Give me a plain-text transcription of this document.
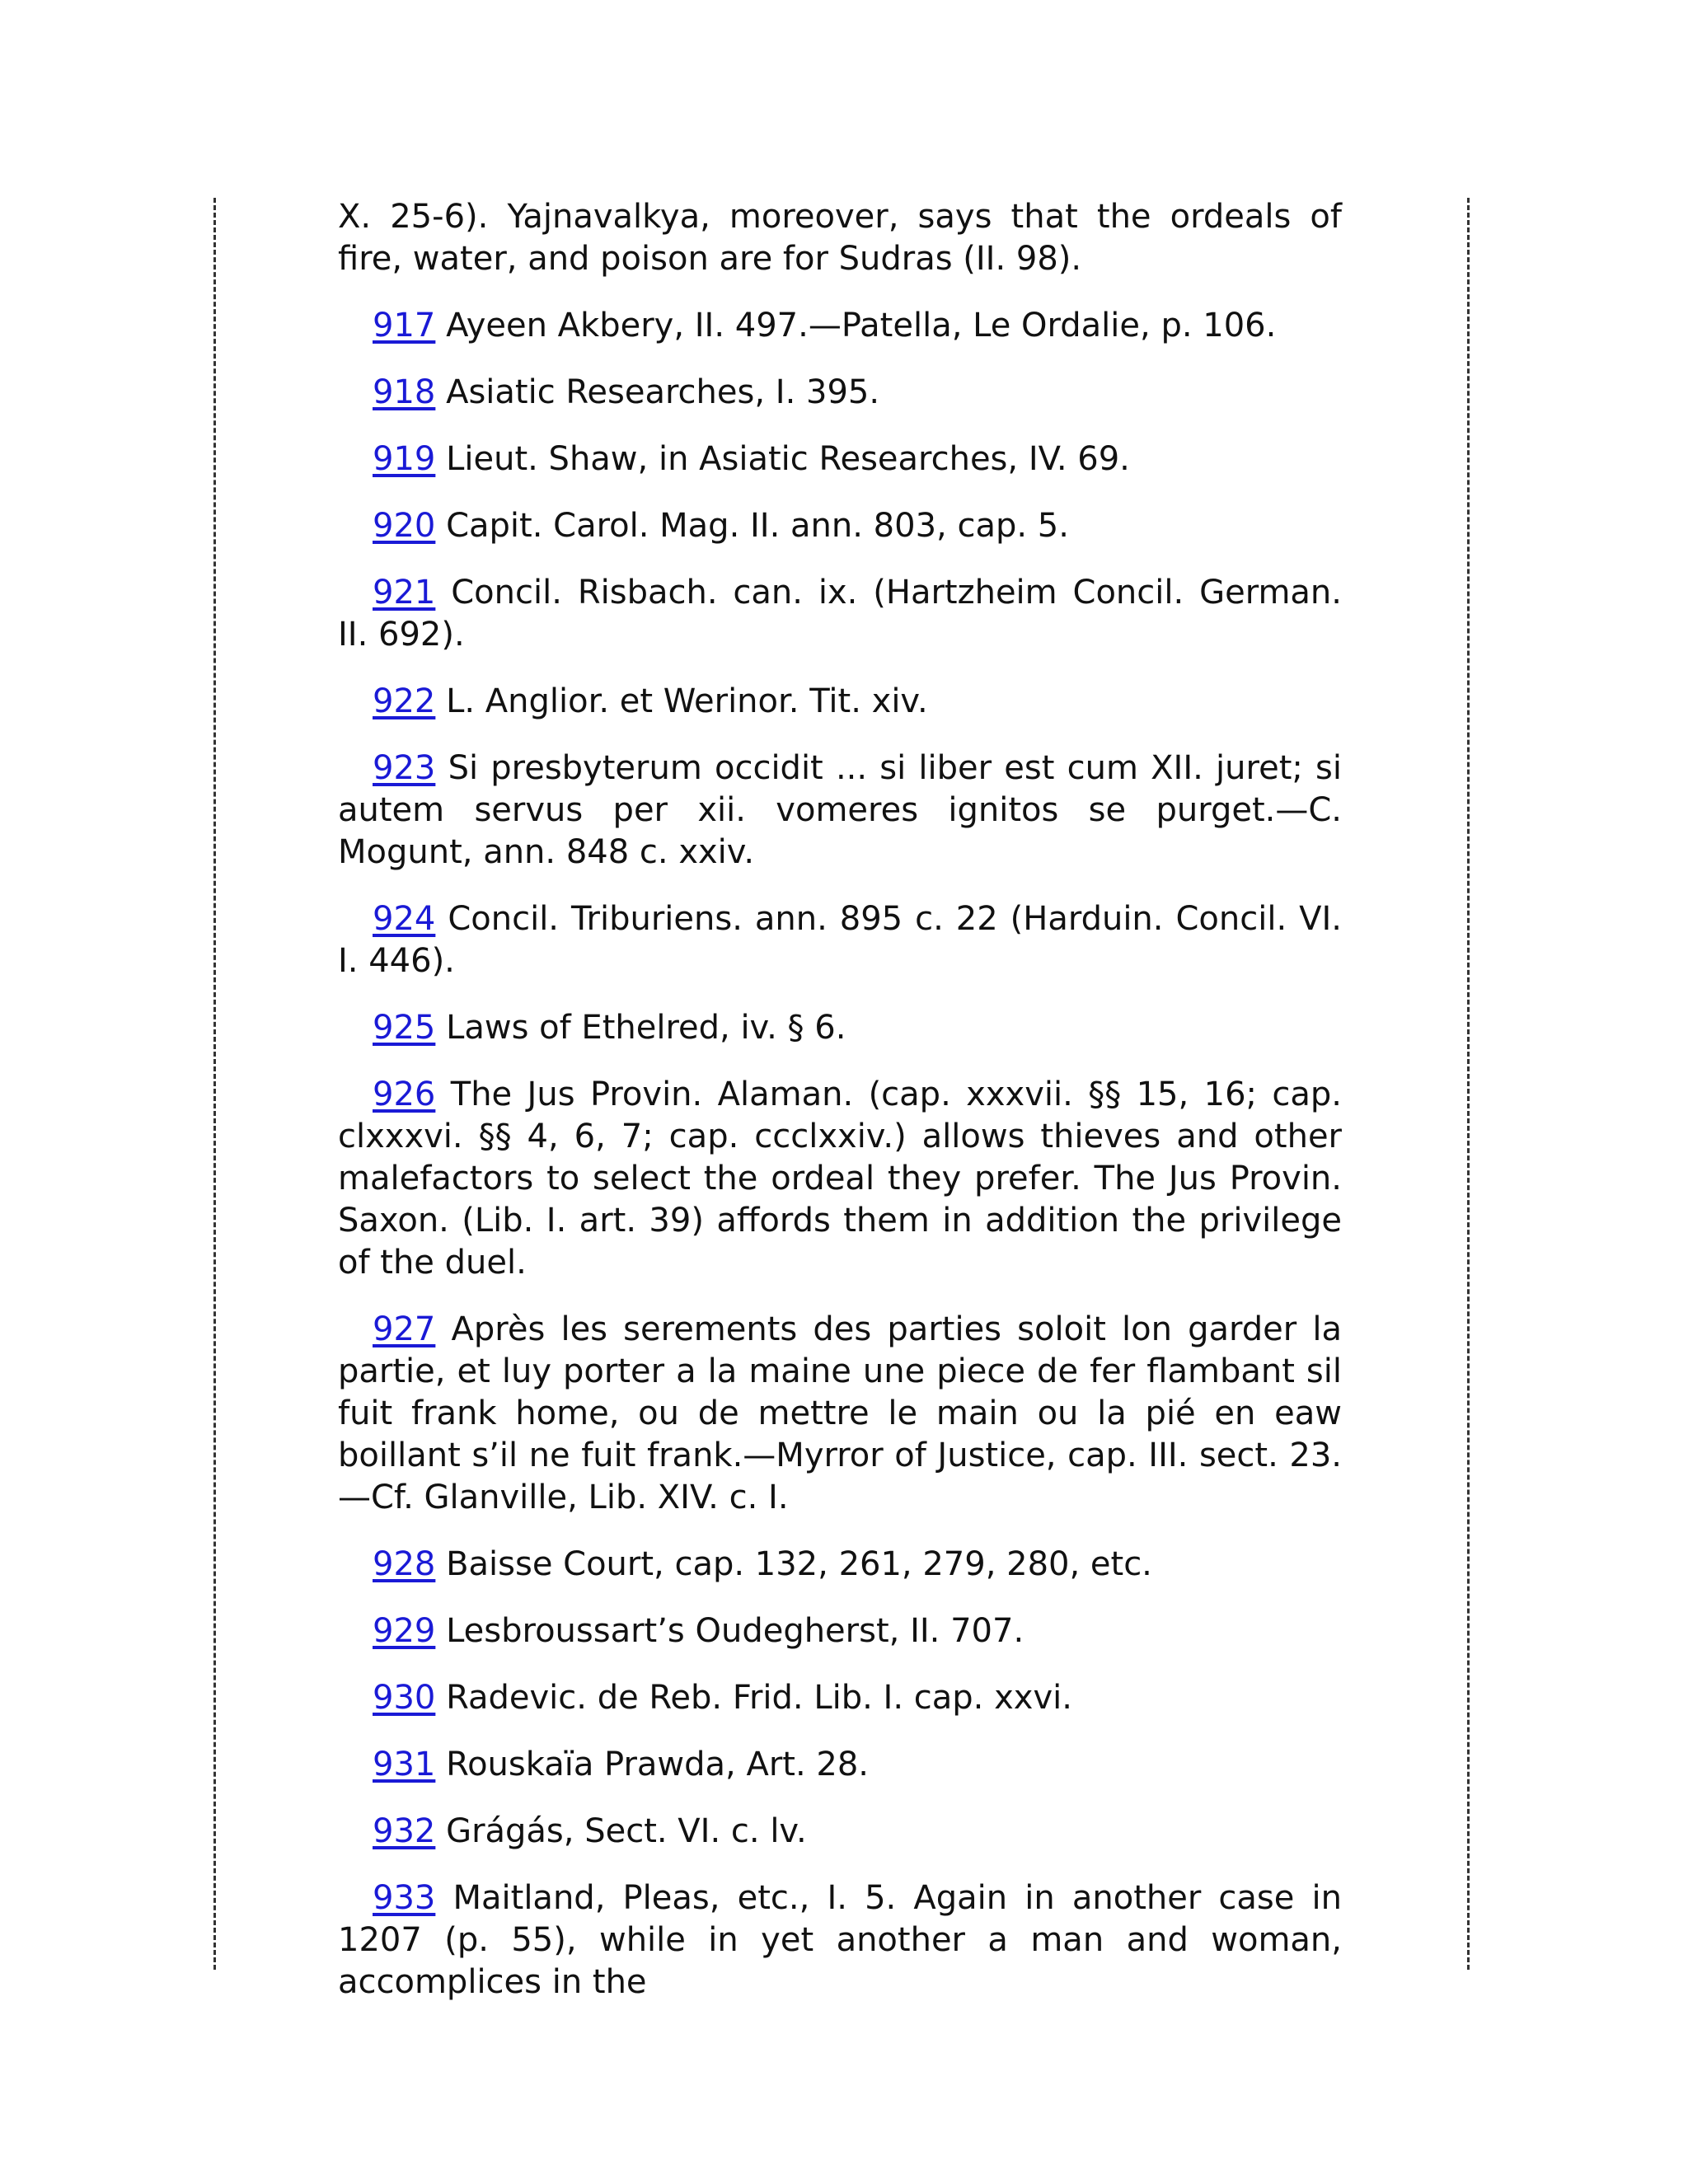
X. 25-6). Yajnavalkya, moreover, says that the ordeals of fire, water, and poison are for Sudras (II. 98).

917 Ayeen Akbery, II. 497.—Patella, Le Ordalie, p. 106.

918 Asiatic Researches, I. 395.

919 Lieut. Shaw, in Asiatic Researches, IV. 69.

920 Capit. Carol. Mag. II. ann. 803, cap. 5.

921 Concil. Risbach. can. ix. (Hartzheim Concil. German. II. 692).

922 L. Anglior. et Werinor. Tit. xiv.

923 Si presbyterum occidit ... si liber est cum XII. juret; si autem servus per xii. vomeres ignitos se purget.—C. Mogunt, ann. 848 c. xxiv.

924 Concil. Triburiens. ann. 895 c. 22 (Harduin. Concil. VI. I. 446).

925 Laws of Ethelred, iv. § 6.

926 The Jus Provin. Alaman. (cap. xxxvii. §§ 15, 16; cap. clxxxvi. §§ 4, 6, 7; cap. ccclxxiv.) allows thieves and other malefactors to select the ordeal they prefer. The Jus Provin. Saxon. (Lib. I. art. 39) affords them in addition the privilege of the duel.

927 Après les serements des parties soloit lon garder la partie, et luy porter a la maine une piece de fer flambant sil fuit frank home, ou de mettre le main ou la pié en eaw boillant s’il ne fuit frank.—Myrror of Justice, cap. III. sect. 23.—Cf. Glanville, Lib. XIV. c. I.

928 Baisse Court, cap. 132, 261, 279, 280, etc.

929 Lesbroussart’s Oudegherst, II. 707.

930 Radevic. de Reb. Frid. Lib. I. cap. xxvi.

931 Rouskaïa Prawda, Art. 28.

932 Grágás, Sect. VI. c. lv.

933 Maitland, Pleas, etc., I. 5. Again in another case in 1207 (p. 55), while in yet another a man and woman, accomplices in the
